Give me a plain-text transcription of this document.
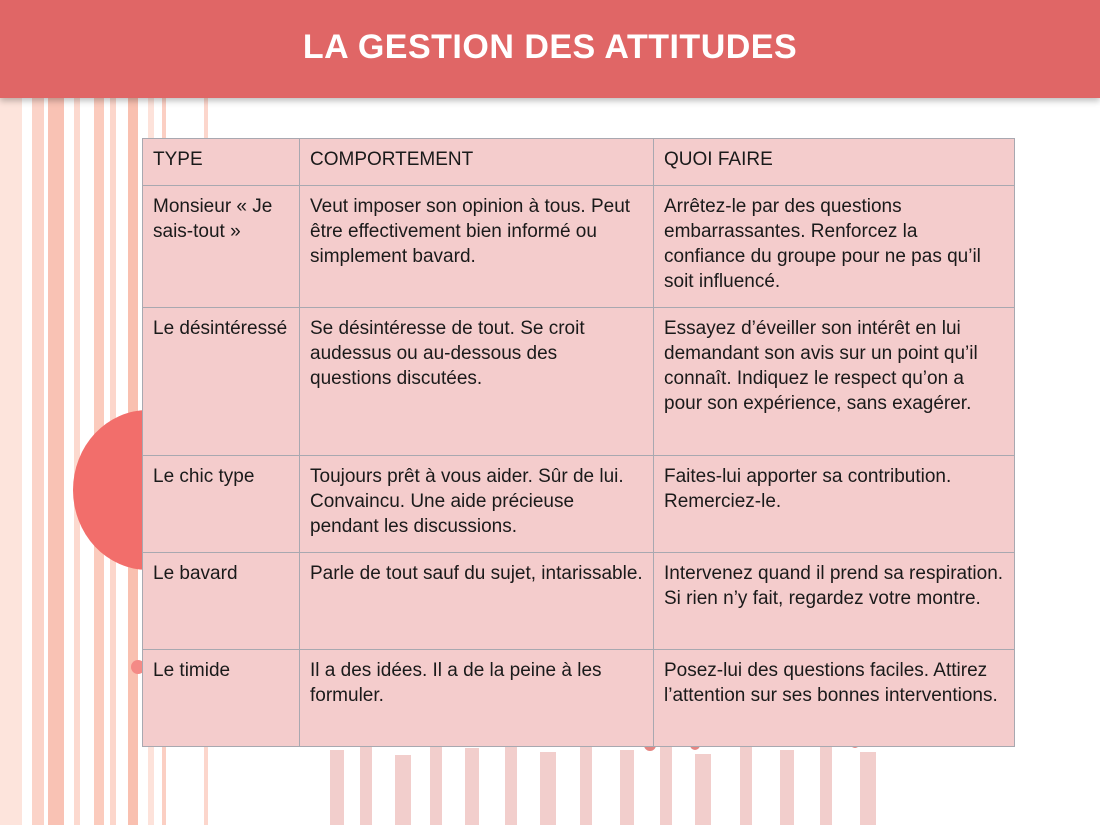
LA GESTION DES ATTITUDES
TYPE	COMPORTEMENT	QUOI FAIRE
Monsieur « Je sais-tout »	Veut imposer son opinion à tous. Peut être effectivement bien informé ou simplement bavard.	Arrêtez-le par des questions embarrassantes. Renforcez la confiance du groupe pour ne pas qu’il soit influencé.
Le désintéressé	Se désintéresse de tout. Se croit audessus ou au-dessous des questions discutées.	Essayez d’éveiller son intérêt en lui demandant son avis sur un point qu’il connaît. Indiquez le respect qu’on a pour son expérience, sans exagérer.
Le chic type	Toujours prêt à vous aider. Sûr de lui. Convaincu. Une aide précieuse pendant les discussions.	Faites-lui apporter sa contribution. Remerciez-le.
Le bavard	Parle de tout sauf du sujet, intarissable.	Intervenez quand il prend sa respiration. Si rien n’y fait, regardez votre montre.
Le timide	Il a des idées. Il a de la peine à les formuler.	Posez-lui des questions faciles. Attirez l’attention sur ses bonnes interventions.
